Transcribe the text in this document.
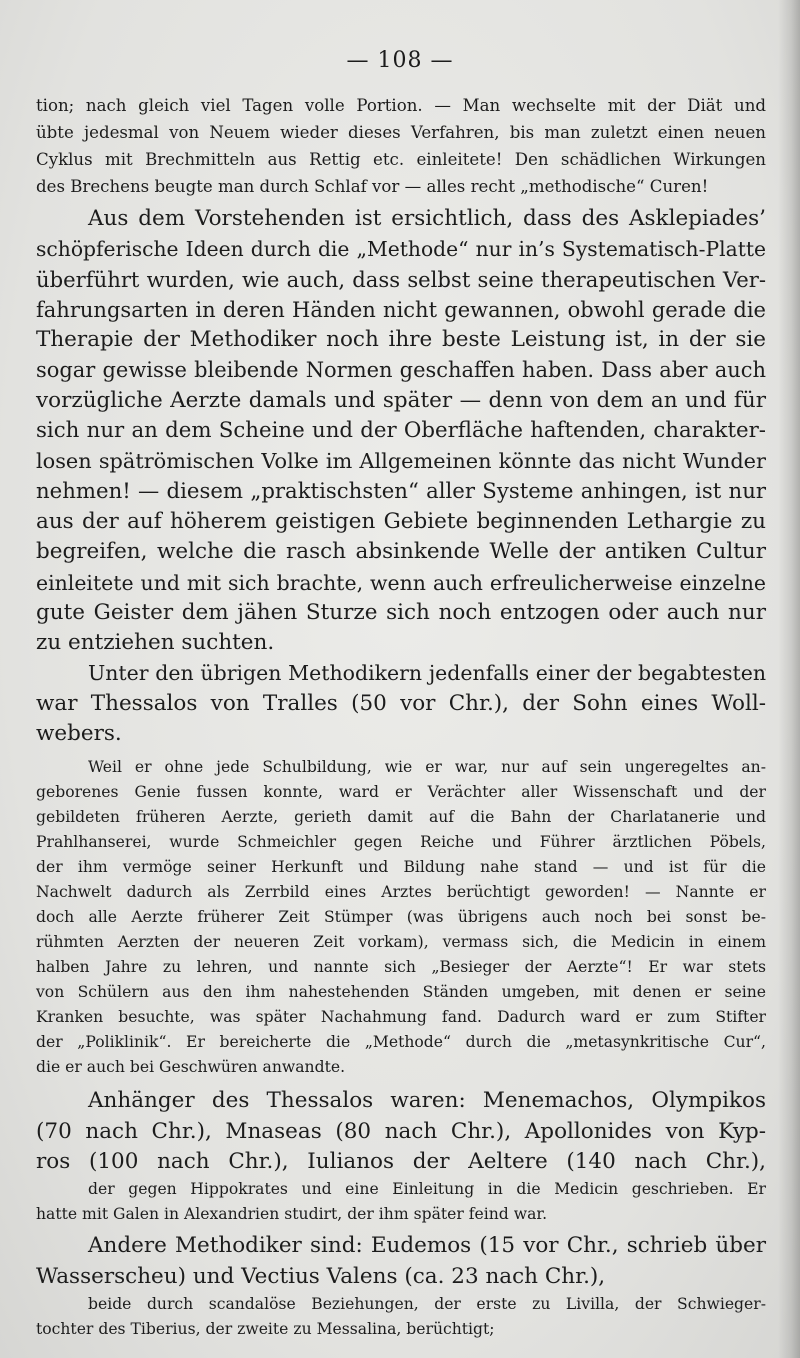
— 108 —
tion; nach gleich viel Tagen volle Portion. — Man wechselte mit der Diät und
übte jedesmal von Neuem wieder dieses Verfahren, bis man zuletzt einen neuen
Cyklus mit Brechmitteln aus Rettig etc. einleitete! Den schädlichen Wirkungen
des Brechens beugte man durch Schlaf vor — alles recht „methodische“ Curen!
Aus dem Vorstehenden ist ersichtlich, dass des Asklepiades’
schöpferische Ideen durch die „Methode“ nur in’s Systematisch-Platte
überführt wurden, wie auch, dass selbst seine therapeutischen Ver-
fahrungsarten in deren Händen nicht gewannen, obwohl gerade die
Therapie der Methodiker noch ihre beste Leistung ist, in der sie
sogar gewisse bleibende Normen geschaffen haben. Dass aber auch
vorzügliche Aerzte damals und später — denn von dem an und für
sich nur an dem Scheine und der Oberfläche haftenden, charakter-
losen spätrömischen Volke im Allgemeinen könnte das nicht Wunder
nehmen! — diesem „praktischsten“ aller Systeme anhingen, ist nur
aus der auf höherem geistigen Gebiete beginnenden Lethargie zu
begreifen, welche die rasch absinkende Welle der antiken Cultur
einleitete und mit sich brachte, wenn auch erfreulicherweise einzelne
gute Geister dem jähen Sturze sich noch entzogen oder auch nur
zu entziehen suchten.
Unter den übrigen Methodikern jedenfalls einer der begabtesten
war Thessalos von Tralles (50 vor Chr.), der Sohn eines Woll-
webers.
Weil er ohne jede Schulbildung, wie er war, nur auf sein ungeregeltes an-
geborenes Genie fussen konnte, ward er Verächter aller Wissenschaft und der
gebildeten früheren Aerzte, gerieth damit auf die Bahn der Charlatanerie und
Prahlhanserei, wurde Schmeichler gegen Reiche und Führer ärztlichen Pöbels,
der ihm vermöge seiner Herkunft und Bildung nahe stand — und ist für die
Nachwelt dadurch als Zerrbild eines Arztes berüchtigt geworden! — Nannte er
doch alle Aerzte früherer Zeit Stümper (was übrigens auch noch bei sonst be-
rühmten Aerzten der neueren Zeit vorkam), vermass sich, die Medicin in einem
halben Jahre zu lehren, und nannte sich „Besieger der Aerzte“! Er war stets
von Schülern aus den ihm nahestehenden Ständen umgeben, mit denen er seine
Kranken besuchte, was später Nachahmung fand. Dadurch ward er zum Stifter
der „Poliklinik“. Er bereicherte die „Methode“ durch die „metasynkritische Cur“,
die er auch bei Geschwüren anwandte.
Anhänger des Thessalos waren: Menemachos, Olympikos
(70 nach Chr.), Mnaseas (80 nach Chr.), Apollonides von Kyp-
ros (100 nach Chr.), Iulianos der Aeltere (140 nach Chr.),
der gegen Hippokrates und eine Einleitung in die Medicin geschrieben. Er
hatte mit Galen in Alexandrien studirt, der ihm später feind war.
Andere Methodiker sind: Eudemos (15 vor Chr., schrieb über
Wasserscheu) und Vectius Valens (ca. 23 nach Chr.),
beide durch scandalöse Beziehungen, der erste zu Livilla, der Schwieger-
tochter des Tiberius, der zweite zu Messalina, berüchtigt;
